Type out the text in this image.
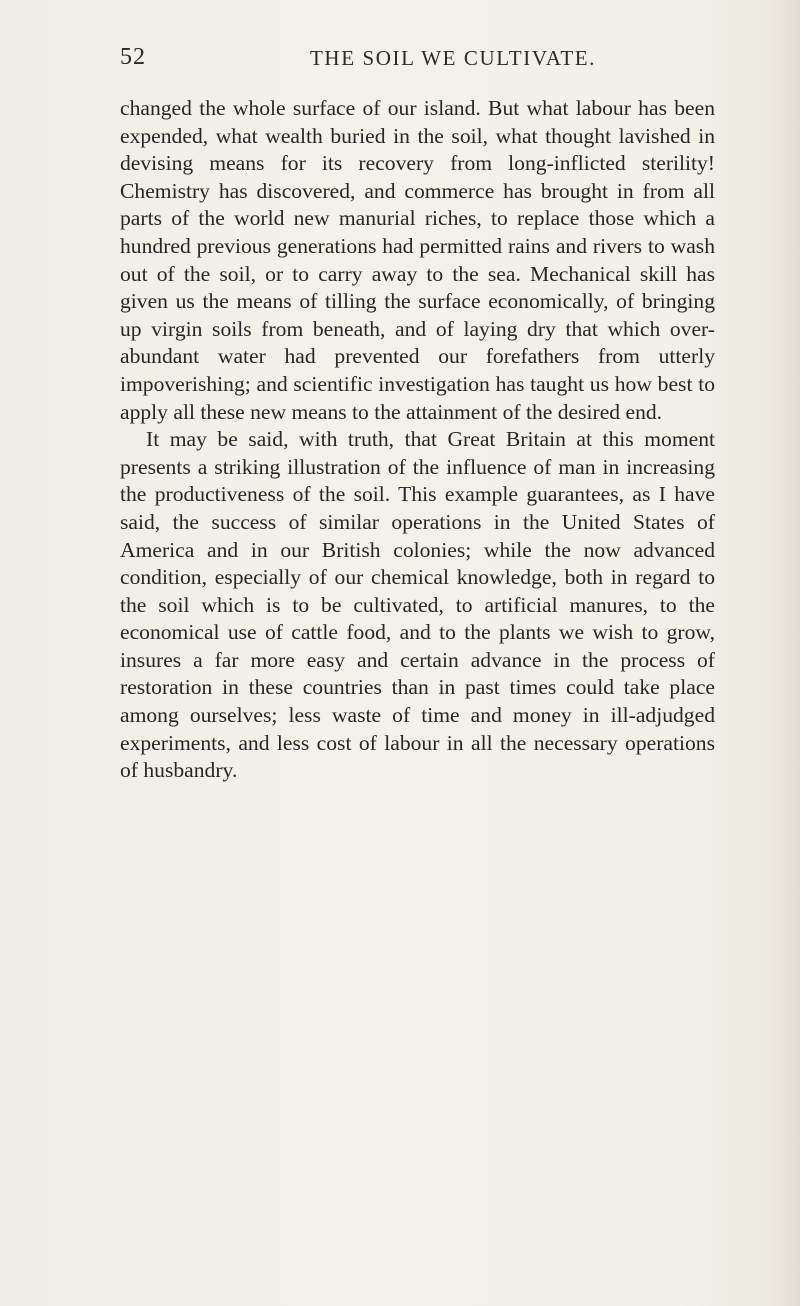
52	THE SOIL WE CULTIVATE.

changed the whole surface of our island. But what labour has been expended, what wealth buried in the soil, what thought lavished in devising means for its recovery from long-inflicted sterility! Chemistry has discovered, and commerce has brought in from all parts of the world new manurial riches, to replace those which a hundred previous generations had permitted rains and rivers to wash out of the soil, or to carry away to the sea. Mechanical skill has given us the means of tilling the surface economically, of bringing up virgin soils from beneath, and of laying dry that which over-abundant water had prevented our forefathers from utterly impoverishing; and scientific investigation has taught us how best to apply all these new means to the attainment of the desired end.

It may be said, with truth, that Great Britain at this moment presents a striking illustration of the influence of man in increasing the productiveness of the soil. This example guarantees, as I have said, the success of similar operations in the United States of America and in our British colonies; while the now advanced condition, especially of our chemical knowledge, both in regard to the soil which is to be cultivated, to artificial manures, to the economical use of cattle food, and to the plants we wish to grow, insures a far more easy and certain advance in the process of restoration in these countries than in past times could take place among ourselves; less waste of time and money in ill-adjudged experiments, and less cost of labour in all the necessary operations of husbandry.
